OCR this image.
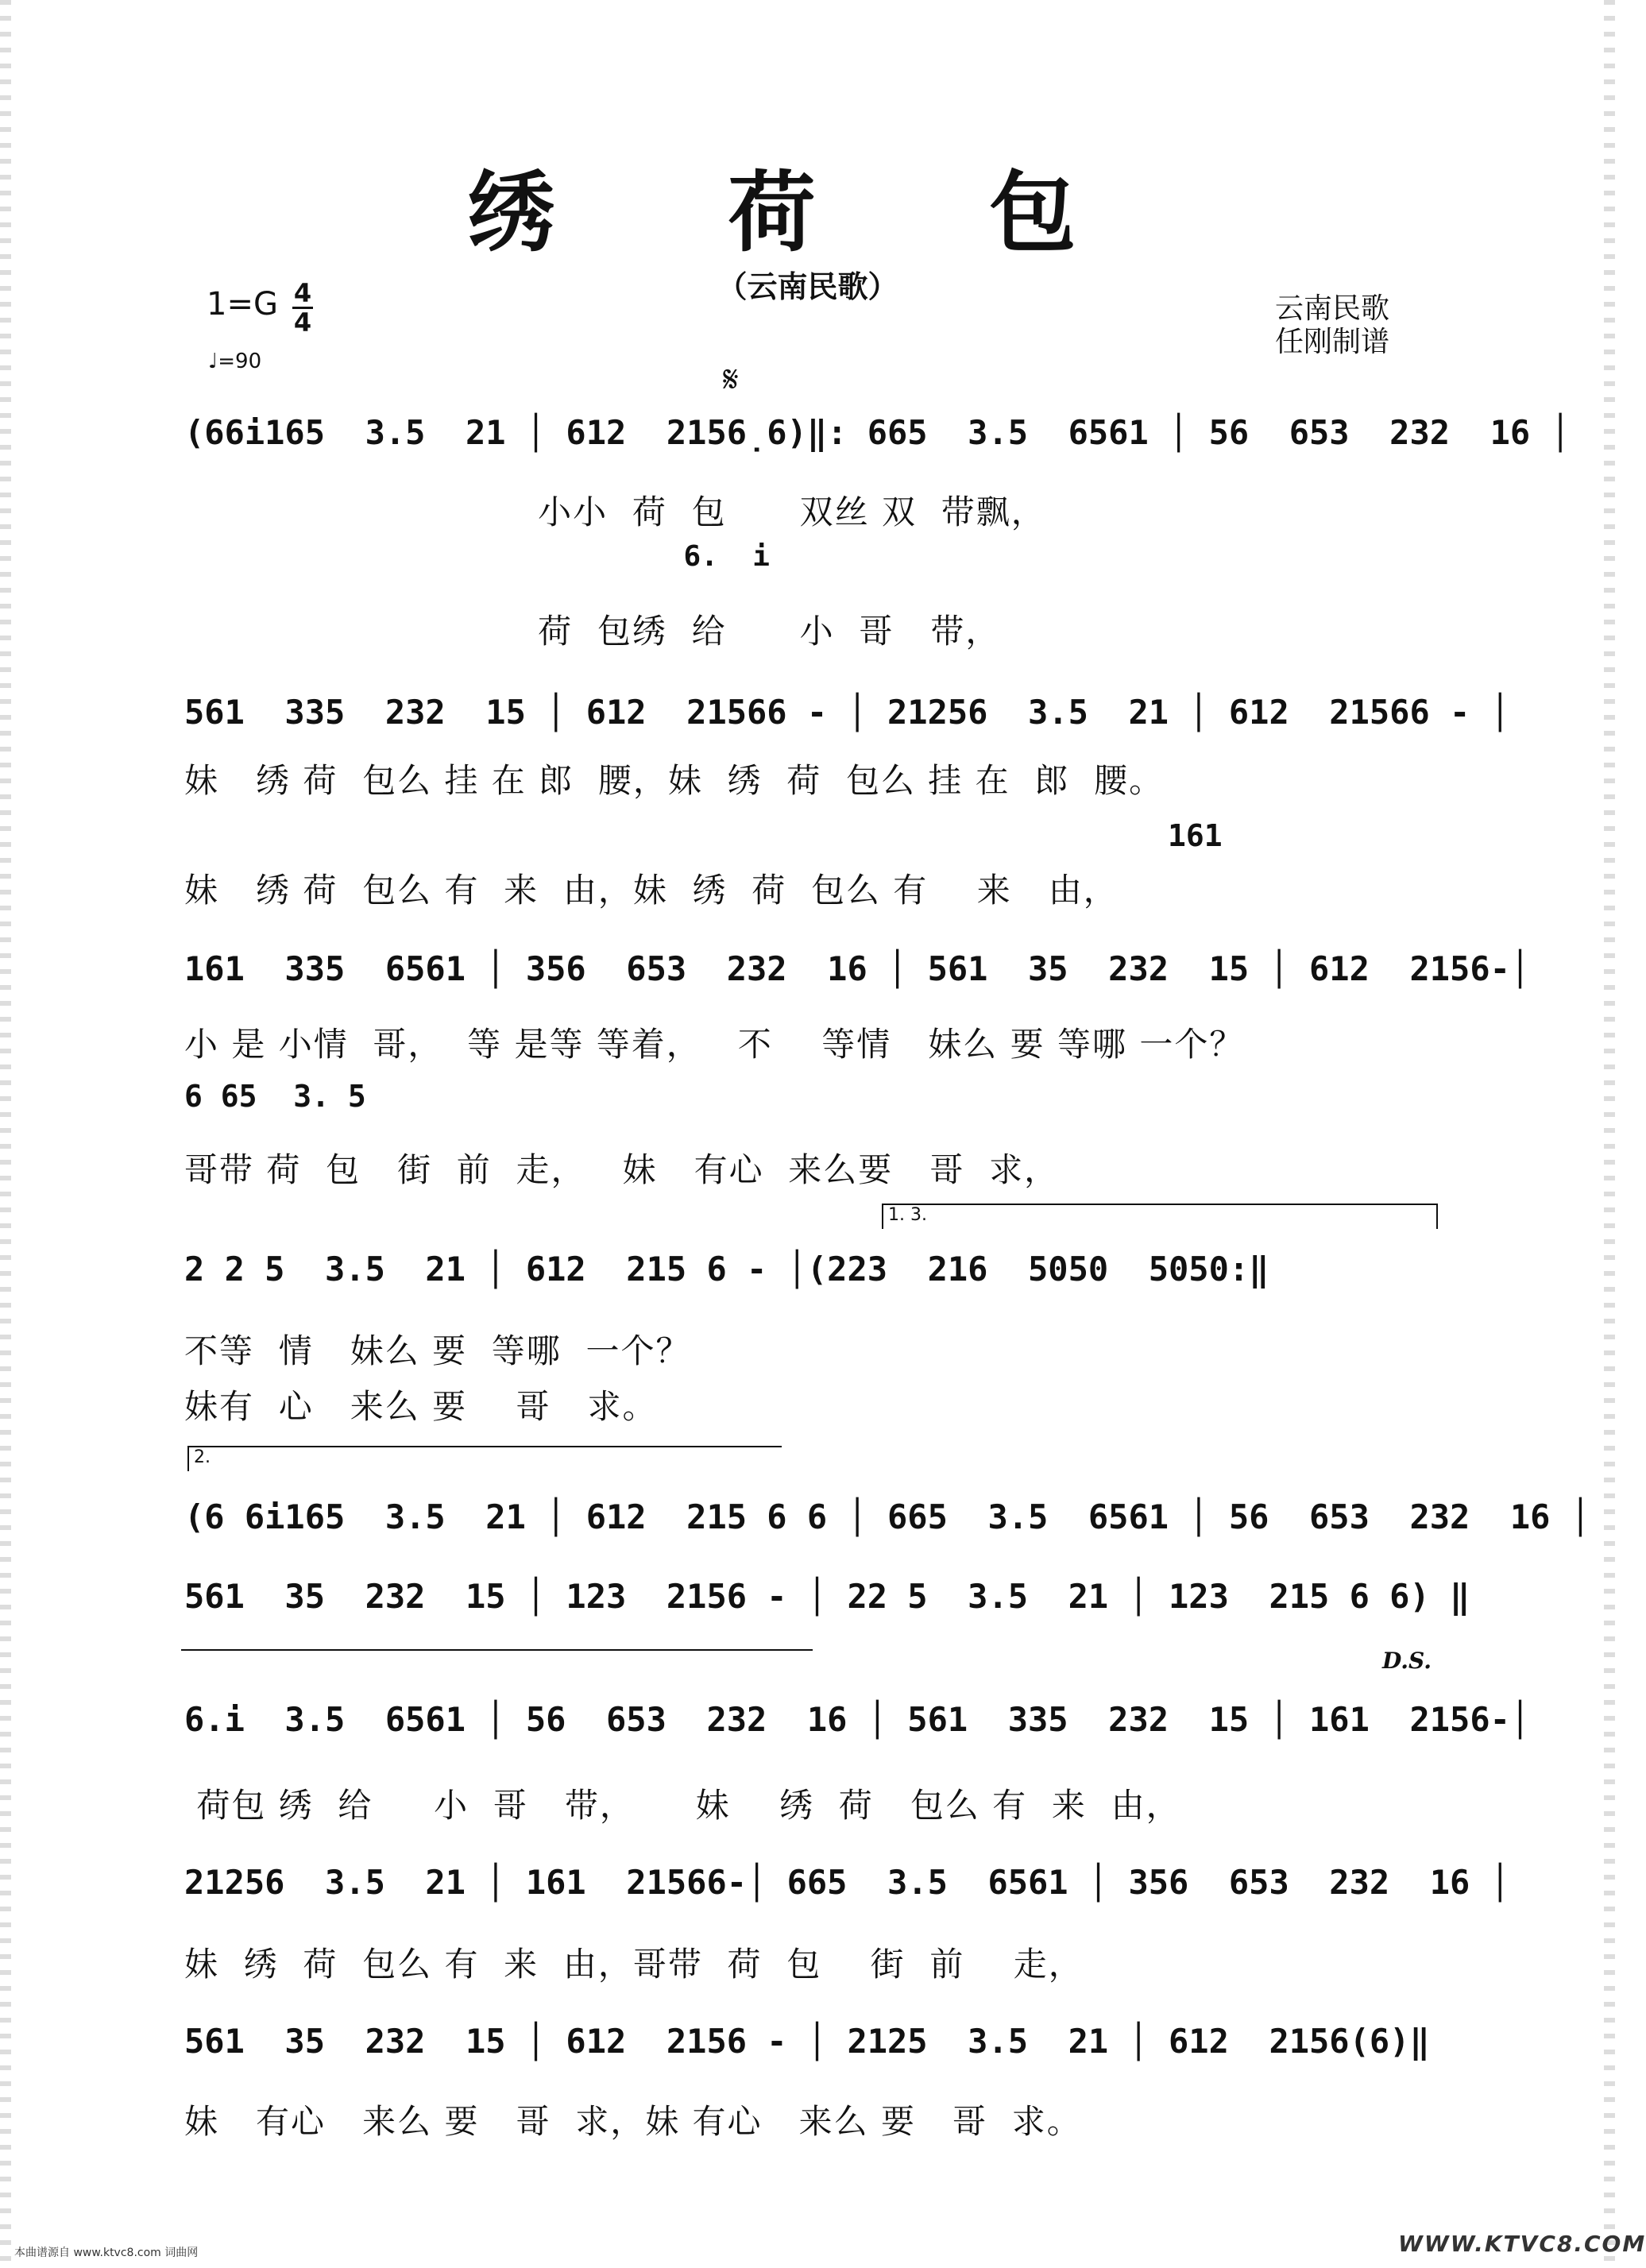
绣 荷 包
（云南民歌）
1=G 4
4
♩=90
云南民歌
任刚制谱
𝄋
(66i165  3.5  21 │ 612  2156̣6)‖: 665  3.5  6561 │ 56  653  232  16 │
小小  荷  包      双丝 双  带飘，
6.  i
荷  包绣  给      小  哥   带，
561  335  232  15 │ 612  21566 - │ 21256  3.5  21 │ 612  21566 - │
妹   绣 荷  包么 挂 在 郎  腰，妹  绣  荷  包么 挂 在  郎  腰。
161
妹   绣 荷  包么 有  来  由，妹  绣  荷  包么 有    来   由，
161  335  6561 │ 356  653  232  16 │ 561  35  232  15 │ 612  2156-│
小 是 小情  哥，  等 是等 等着，   不    等情   妹么 要 等哪 一个？
6 65  3. 5
哥带 荷  包   街  前  走，   妹   有心  来么要   哥  求，
1. 3.
2 2 5  3.5  21 │ 612  215 6 - │(223  216  5050  5050:‖
不等  情   妹么 要  等哪  一个？
妹有  心   来么 要    哥   求。
2.
(6 6i165  3.5  21 │ 612  215 6 6 │ 665  3.5  6561 │ 56  653  232  16 │
561  35  232  15 │ 123  2156 - │ 22 5  3.5  21 │ 123  215 6 6) ‖
D.S.
6.i  3.5  6561 │ 56  653  232  16 │ 561  335  232  15 │ 161  2156-│
荷包 绣  给     小  哥   带，     妹    绣  荷   包么 有  来  由，
21256  3.5  21 │ 161  21566-│ 665  3.5  6561 │ 356  653  232  16 │
妹  绣  荷  包么 有  来  由，哥带  荷  包    街  前    走，
561  35  232  15 │ 612  2156 - │ 2125  3.5  21 │ 612  2156(6)‖
妹   有心   来么 要   哥  求，妹 有心   来么 要   哥  求。
本曲谱源自 www.ktvc8.com 词曲网	WWW.KTVC8.COM
